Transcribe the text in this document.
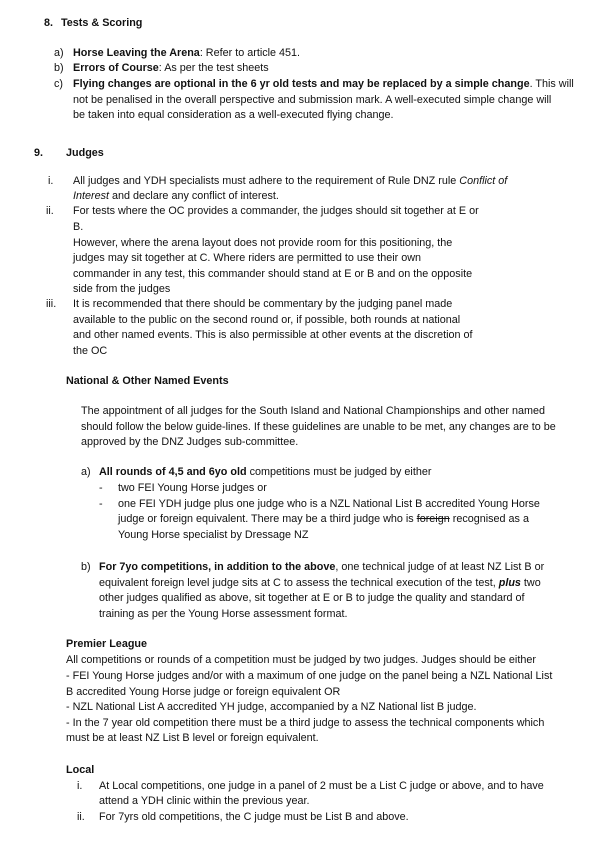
8. Tests & Scoring
a) Horse Leaving the Arena: Refer to article 451.
b) Errors of Course: As per the test sheets
c) Flying changes are optional in the 6 yr old tests and may be replaced by a simple change. This will
not be penalised in the overall perspective and submission mark. A well-executed simple change will
be taken into equal consideration as a well-executed flying change.
9. Judges
i. All judges and YDH specialists must adhere to the requirement of Rule DNZ rule Conflict of
Interest and declare any conflict of interest.
ii. For tests where the OC provides a commander, the judges should sit together at E or
B.
However, where the arena layout does not provide room for this positioning, the
judges may sit together at C. Where riders are permitted to use their own
commander in any test, this commander should stand at E or B and on the opposite
side from the judges
iii. It is recommended that there should be commentary by the judging panel made
available to the public on the second round or, if possible, both rounds at national
and other named events. This is also permissible at other events at the discretion of
the OC
National & Other Named Events
The appointment of all judges for the South Island and National Championships and other named
should follow the below guide-lines. If these guidelines are unable to be met, any changes are to be
approved by the DNZ Judges sub-committee.
a) All rounds of 4,5 and 6yo old competitions must be judged by either
- two FEI Young Horse judges or
- one FEI YDH judge plus one judge who is a NZL National List B accredited Young Horse
judge or foreign equivalent. There may be a third judge who is foreign recognised as a
Young Horse specialist by Dressage NZ
b) For 7yo competitions, in addition to the above, one technical judge of at least NZ List B or
equivalent foreign level judge sits at C to assess the technical execution of the test, plus two
other judges qualified as above, sit together at E or B to judge the quality and standard of
training as per the Young Horse assessment format.
Premier League
All competitions or rounds of a competition must be judged by two judges. Judges should be either
- FEI Young Horse judges and/or with a maximum of one judge on the panel being a NZL National List
B accredited Young Horse judge or foreign equivalent OR
- NZL National List A accredited YH judge, accompanied by a NZ National list B judge.
- In the 7 year old competition there must be a third judge to assess the technical components which
must be at least NZ List B level or foreign equivalent.
Local
i. At Local competitions, one judge in a panel of 2 must be a List C judge or above, and to have
attend a YDH clinic within the previous year.
ii. For 7yrs old competitions, the C judge must be List B and above.
